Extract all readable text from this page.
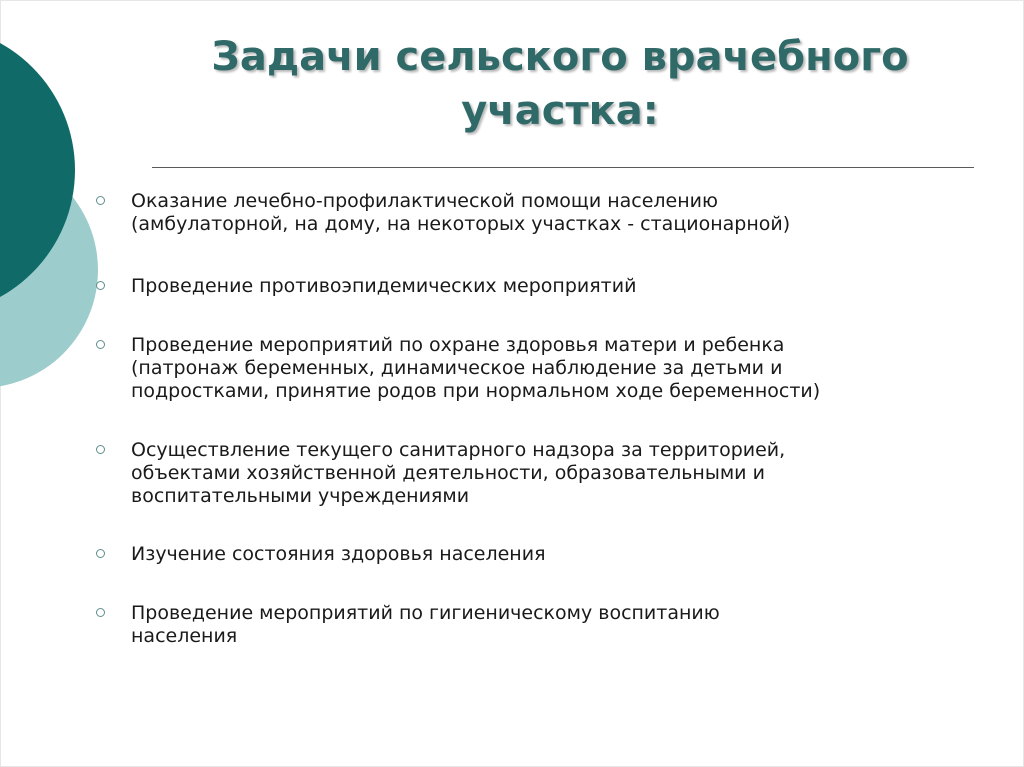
Задачи сельского врачебного
участка:

Оказание лечебно-профилактической помощи населению
(амбулаторной, на дому, на некоторых участках - стационарной)

Проведение противоэпидемических мероприятий

Проведение мероприятий по охране здоровья матери и ребенка
(патронаж беременных, динамическое наблюдение за детьми и
подростками, принятие родов при нормальном ходе беременности)

Осуществление текущего санитарного надзора за территорией,
объектами хозяйственной деятельности, образовательными и
воспитательными учреждениями

Изучение состояния здоровья населения

Проведение мероприятий по гигиеническому воспитанию
населения
